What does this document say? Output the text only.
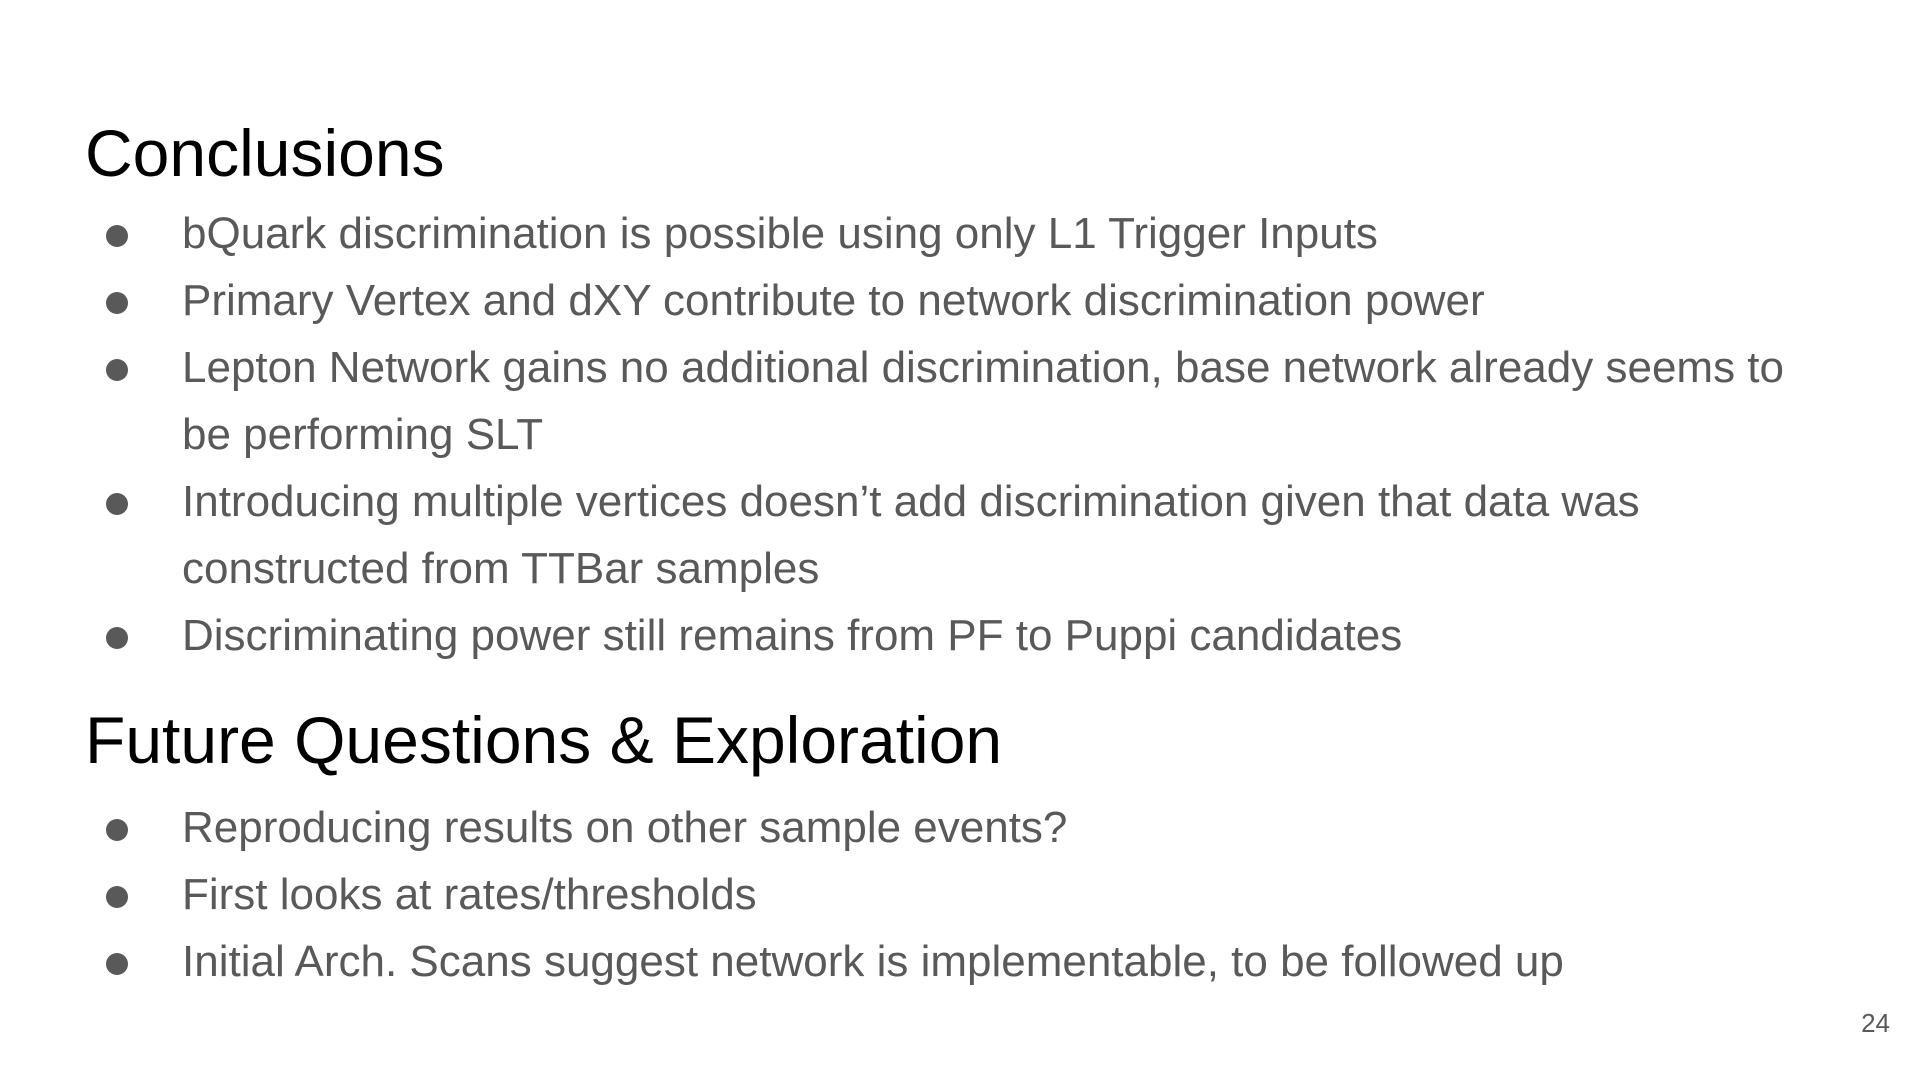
Conclusions
bQuark discrimination is possible using only L1 Trigger Inputs
Primary Vertex and dXY contribute to network discrimination power
Lepton Network gains no additional discrimination, base network already seems to be performing SLT
Introducing multiple vertices doesn’t add discrimination given that data was constructed from TTBar samples
Discriminating power still remains from PF to Puppi candidates
Future Questions & Exploration
Reproducing results on other sample events?
First looks at rates/thresholds
Initial Arch. Scans suggest network is implementable, to be followed up
24
